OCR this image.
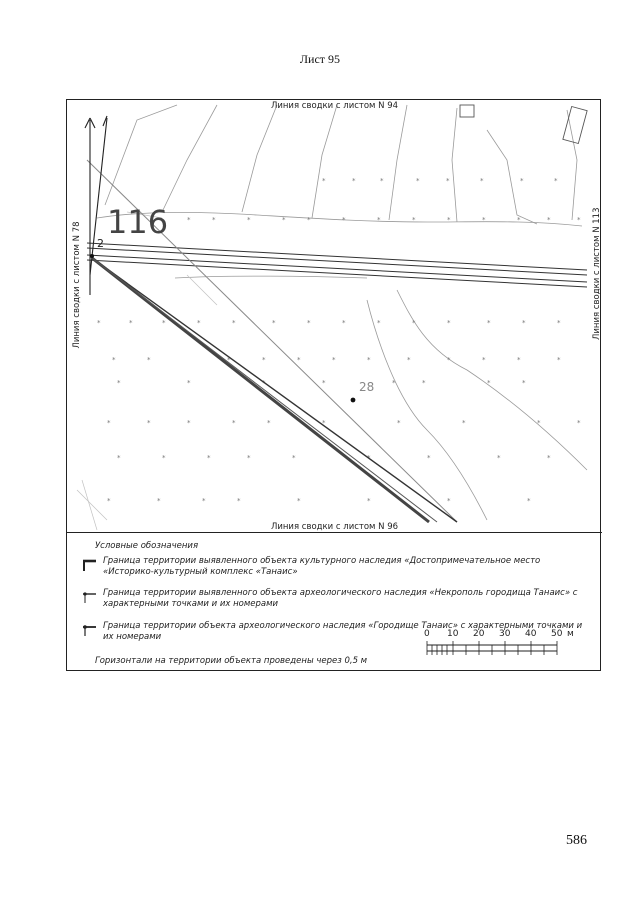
Лист 95
*	*	*	*	*	*	*	*
*	*	*	*	*	*	*	*	*	*	*	*	*
*	*	*	*	*	*	*	*	*	*	*	*	*	*
*	*	*	*	*	*	*	*	*	*	*	*
*	*	*	*	*	*	*	*
*	*	*	*	*	*	*	*	*	*
*	*	*	*	*	*	*	*	*
*	*	*	*	*	*	*	*
116
2
28
Линия сводки с листом N 94
Линия сводки с листом N 96
Линия сводки с листом N 78	Линия сводки с листом N 113
Условные обозначения
Граница территории выявленного объекта культурного наследия «Достопримечательное место «Историко-культурный комплекс «Танаис»
Граница территории выявленного объекта археологического наследия «Некрополь городища Танаис» с характерными точками и их номерами
Граница территории объекта археологического наследия «Городище Танаис» с характерными точками и их номерами
Горизонтали на территории объекта проведены через 0,5 м
0 10 20 30 40 50 м
586
